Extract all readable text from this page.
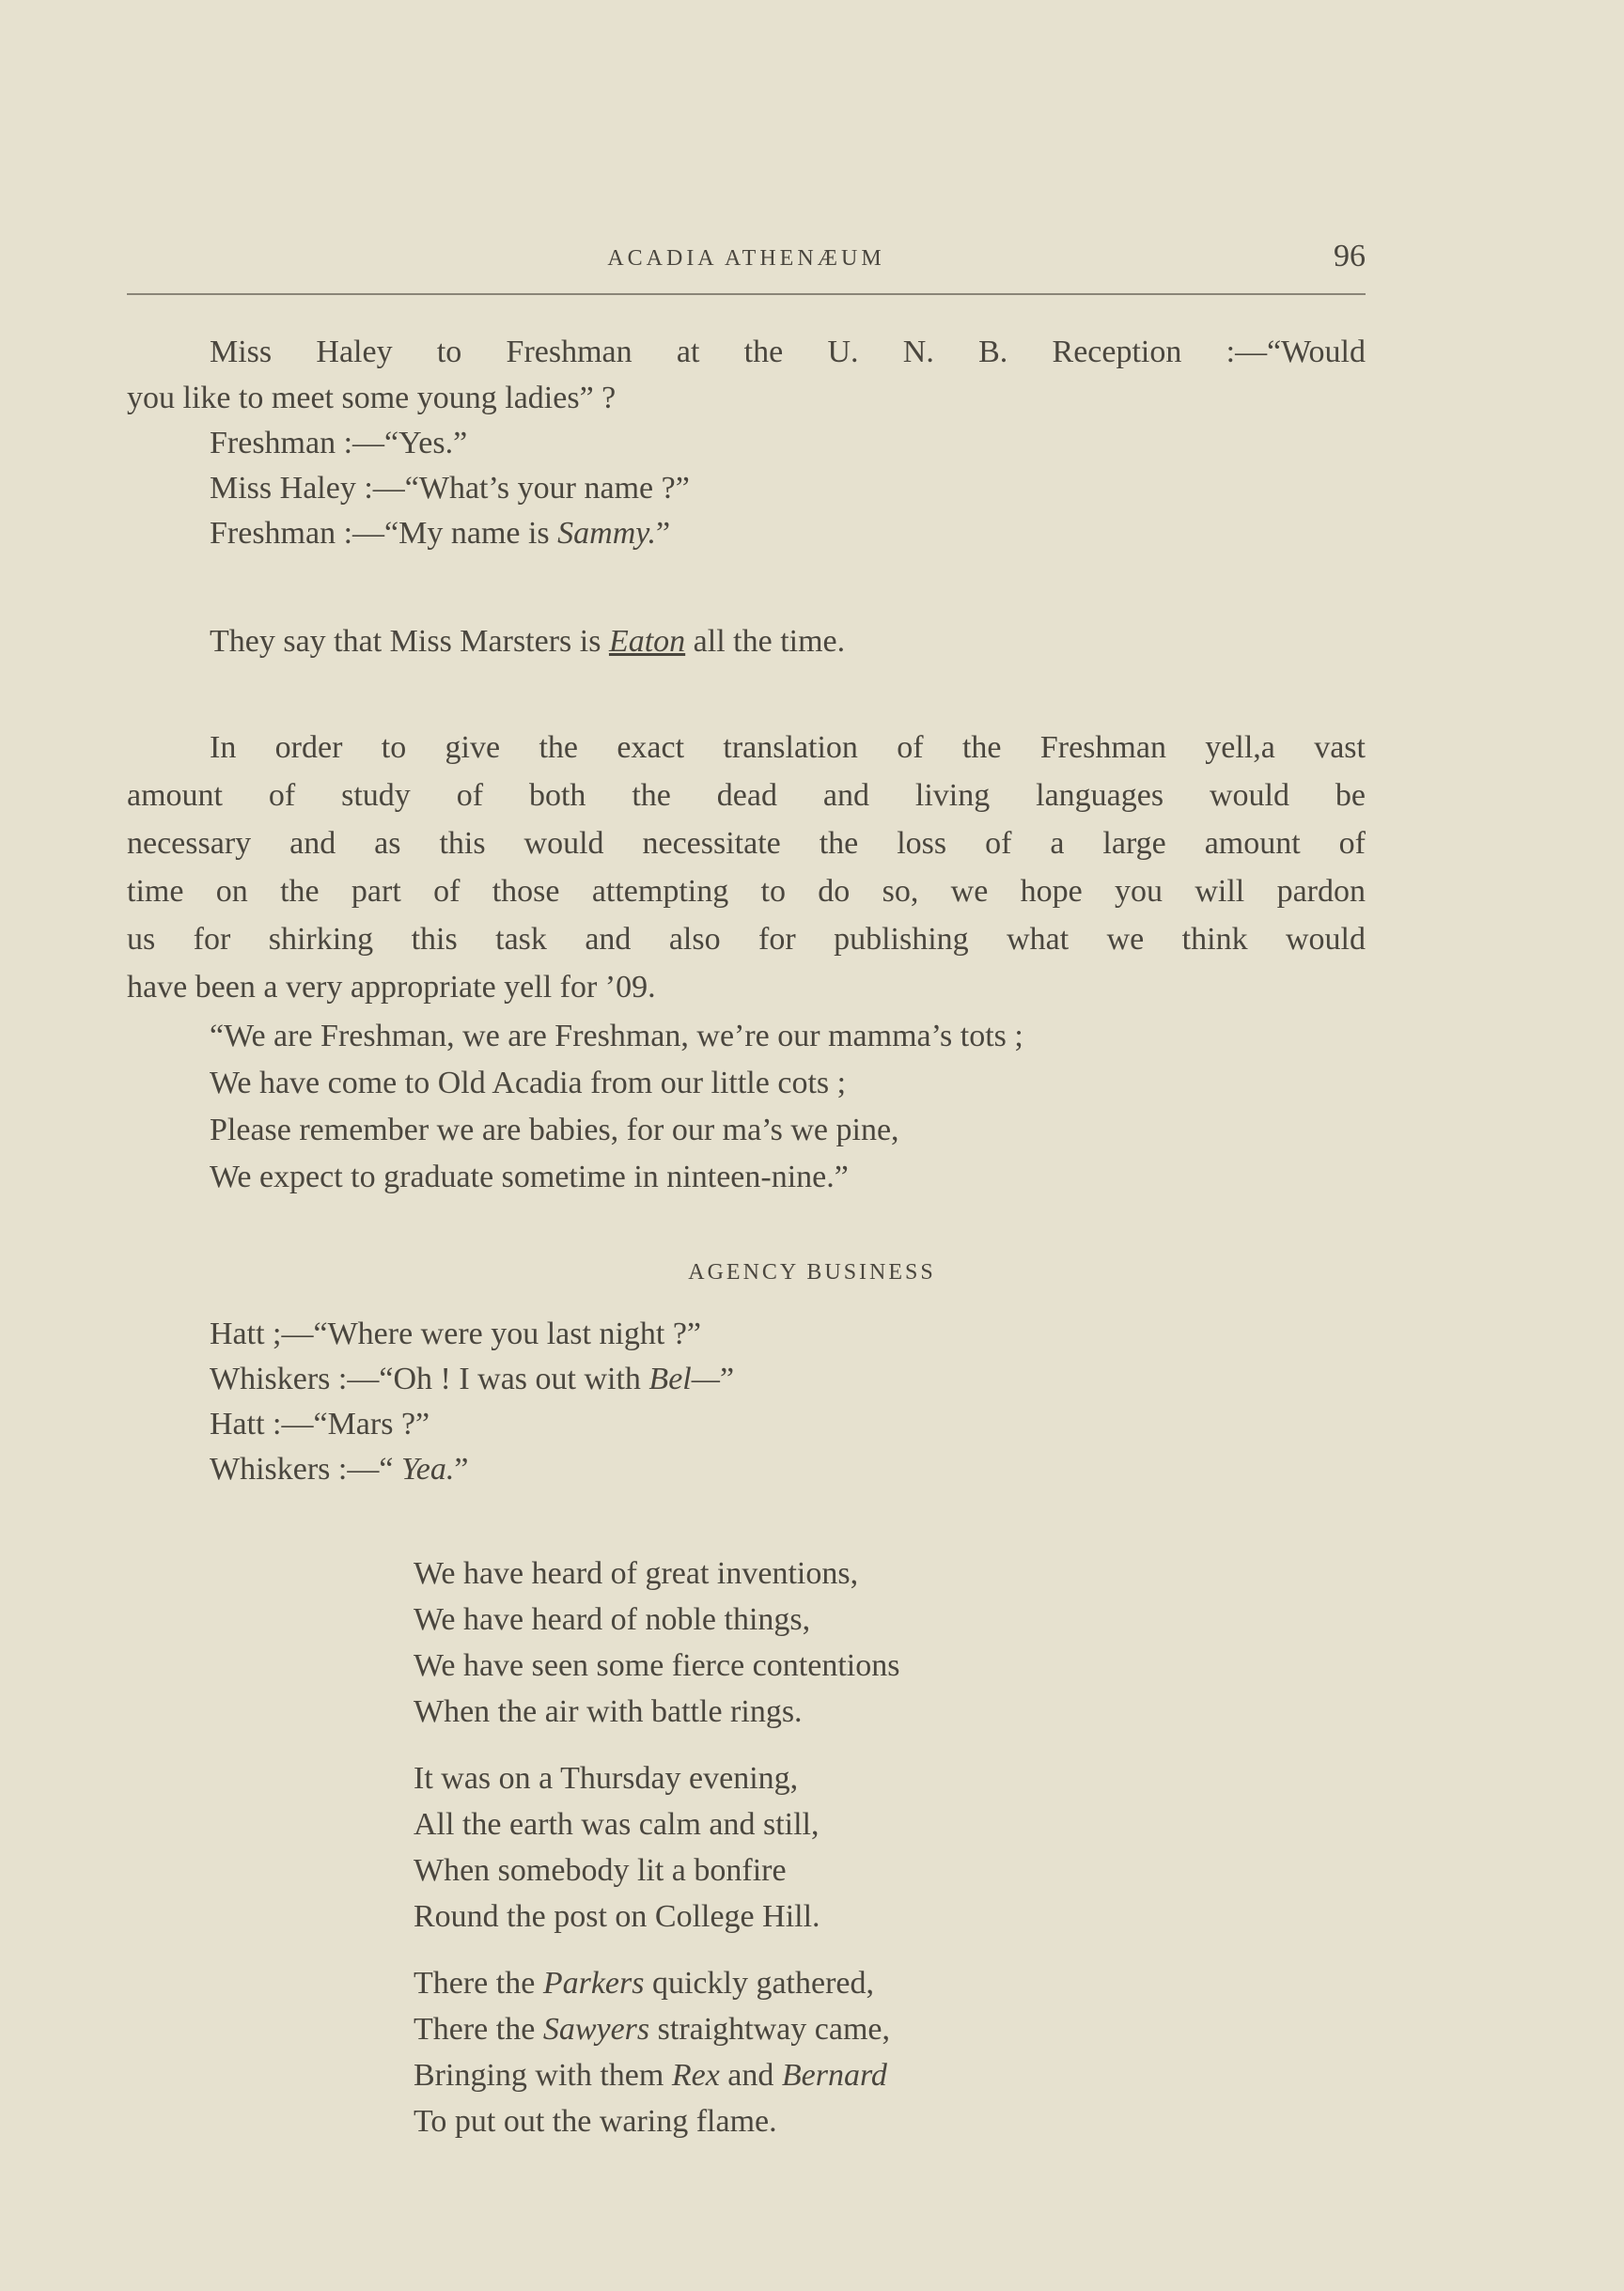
ACADIA ATHENÆUM	96
Miss Haley to Freshman at the U. N. B. Reception :—“Would
you like to meet some young ladies” ?
Freshman :—“Yes.”
Miss Haley :—“What’s your name ?”
Freshman :—“My name is Sammy.”
They say that Miss Marsters is Eaton all the time.
In order to give the exact translation of the Freshman yell,a vast
amount of study of both the dead and living languages would be
necessary and as this would necessitate the loss of a large amount of
time on the part of those attempting to do so, we hope you will pardon
us for shirking this task and also for publishing what we think would
have been a very appropriate yell for ’09.
“We are Freshman, we are Freshman, we’re our mamma’s tots ;
We have come to Old Acadia from our little cots ;
Please remember we are babies, for our ma’s we pine,
We expect to graduate sometime in ninteen-nine.”
AGENCY BUSINESS
Hatt ;—“Where were you last night ?”
Whiskers :—“Oh ! I was out with Bel—”
Hatt :—“Mars ?”
Whiskers :—“ Yea.”
We have heard of great inventions,
We have heard of noble things,
We have seen some fierce contentions
When the air with battle rings.
It was on a Thursday evening,
All the earth was calm and still,
When somebody lit a bonfire
Round the post on College Hill.
There the Parkers quickly gathered,
There the Sawyers straightway came,
Bringing with them Rex and Bernard
To put out the waring flame.
